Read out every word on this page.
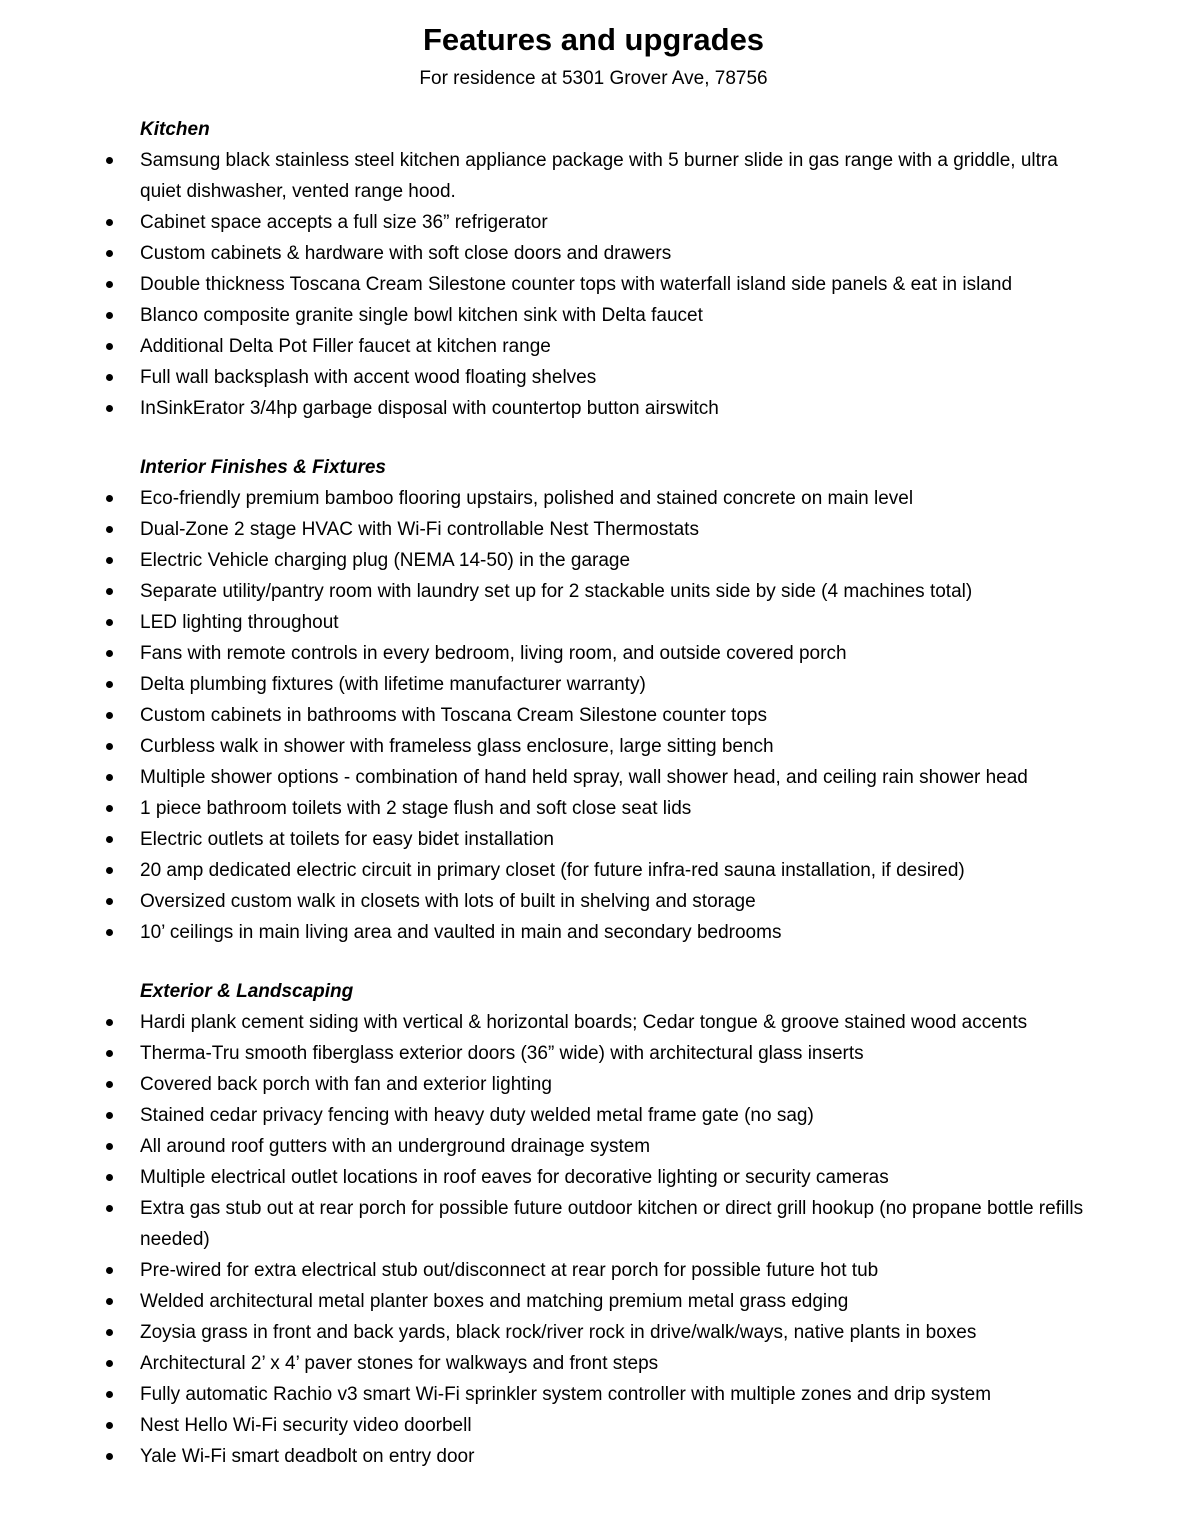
Features and upgrades
For residence at 5301 Grover Ave, 78756
Kitchen
Samsung black stainless steel kitchen appliance package with 5 burner slide in gas range with a griddle, ultra quiet dishwasher, vented range hood.
Cabinet space accepts a full size 36” refrigerator
Custom cabinets & hardware with soft close doors and drawers
Double thickness Toscana Cream Silestone counter tops with waterfall island side panels & eat in island
Blanco composite granite single bowl kitchen sink with Delta faucet
Additional Delta Pot Filler faucet at kitchen range
Full wall backsplash with accent wood floating shelves
InSinkErator 3/4hp garbage disposal with countertop button airswitch
Interior Finishes & Fixtures
Eco-friendly premium bamboo flooring upstairs, polished and stained concrete on main level
Dual-Zone 2 stage HVAC with Wi-Fi controllable Nest Thermostats
Electric Vehicle charging plug (NEMA 14-50) in the garage
Separate utility/pantry room with laundry set up for 2 stackable units side by side (4 machines total)
LED lighting throughout
Fans with remote controls in every bedroom, living room, and outside covered porch
Delta plumbing fixtures (with lifetime manufacturer warranty)
Custom cabinets in bathrooms with Toscana Cream Silestone counter tops
Curbless walk in shower with frameless glass enclosure, large sitting bench
Multiple shower options - combination of hand held spray, wall shower head, and ceiling rain shower head
1 piece bathroom toilets with 2 stage flush and soft close seat lids
Electric outlets at toilets for easy bidet installation
20 amp dedicated electric circuit in primary closet (for future infra-red sauna installation, if desired)
Oversized custom walk in closets with lots of built in shelving and storage
10’ ceilings in main living area and vaulted in main and secondary bedrooms
Exterior & Landscaping
Hardi plank cement siding with vertical & horizontal boards; Cedar tongue & groove stained wood accents
Therma-Tru smooth fiberglass exterior doors (36” wide) with architectural glass inserts
Covered back porch with fan and exterior lighting
Stained cedar privacy fencing with heavy duty welded metal frame gate (no sag)
All around roof gutters with an underground drainage system
Multiple electrical outlet locations in roof eaves for decorative lighting or security cameras
Extra gas stub out at rear porch for possible future outdoor kitchen or direct grill hookup (no propane bottle refills needed)
Pre-wired for extra electrical stub out/disconnect at rear porch for possible future hot tub
Welded architectural metal planter boxes and matching premium metal grass edging
Zoysia grass in front and back yards, black rock/river rock in drive/walk/ways, native plants in boxes
Architectural 2’ x 4’ paver stones for walkways and front steps
Fully automatic Rachio v3 smart Wi-Fi sprinkler system controller with multiple zones and drip system
Nest Hello Wi-Fi security video doorbell
Yale Wi-Fi smart deadbolt on entry door
